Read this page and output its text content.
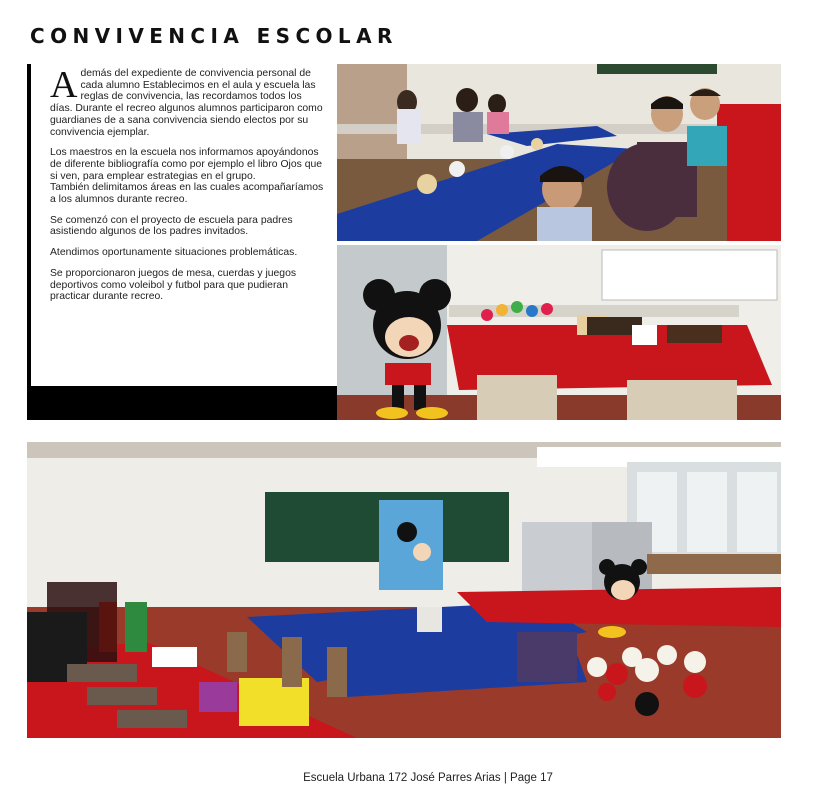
CONVIVENCIA ESCOLAR

Además del expediente de convivencia personal de cada alumno Establecimos en el aula y escuela las reglas de convivencia, las recordamos todos los días. Durante el recreo algunos alumnos participaron como guardianes de a sana convivencia siendo electos por su convivencia ejemplar.

Los maestros en la escuela nos informamos apoyándonos de diferente bibliografía como por ejemplo el libro Ojos que si ven, para emplear estrategias en el grupo.

También delimitamos áreas en las cuales acompañaríamos a los alumnos durante recreo.

Se comenzó con el proyecto de escuela para padres asistiendo algunos de los padres invitados.

Atendimos oportunamente situaciones problemáticas.

Se proporcionaron juegos de mesa, cuerdas y juegos deportivos como voleibol y futbol para que pudieran practicar durante recreo.

Escuela Urbana 172 José Parres Arias | Page 17
